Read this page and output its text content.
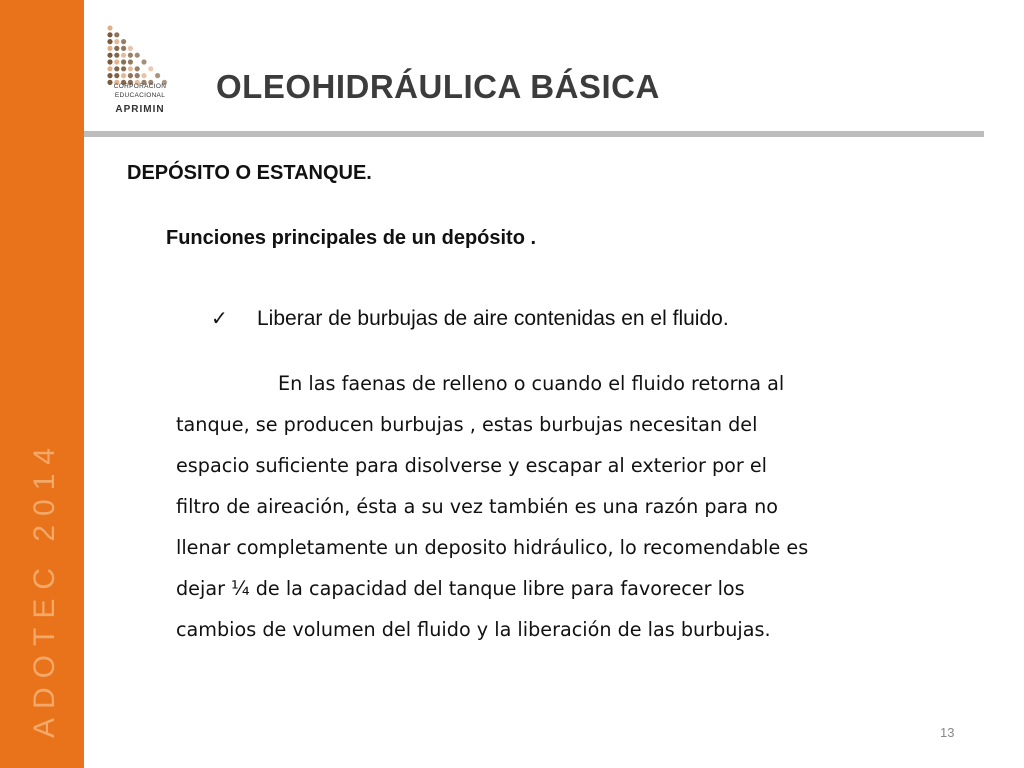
ADOTEC 2014
CORPORACION
EDUCACIONAL
APRIMIN
OLEOHIDRÁULICA BÁSICA
DEPÓSITO O ESTANQUE.
Funciones principales de un depósito .
✓	Liberar de burbujas de aire contenidas en el fluido.
En las faenas de relleno o cuando el fluido retorna al
tanque, se producen burbujas , estas burbujas necesitan del
espacio suficiente para disolverse y escapar al exterior por el
filtro de aireación, ésta a su vez también es una razón para no
llenar completamente un deposito hidráulico, lo recomendable es
dejar ¼ de la capacidad del tanque libre para favorecer los
cambios de volumen del fluido y la liberación de las burbujas.
13
